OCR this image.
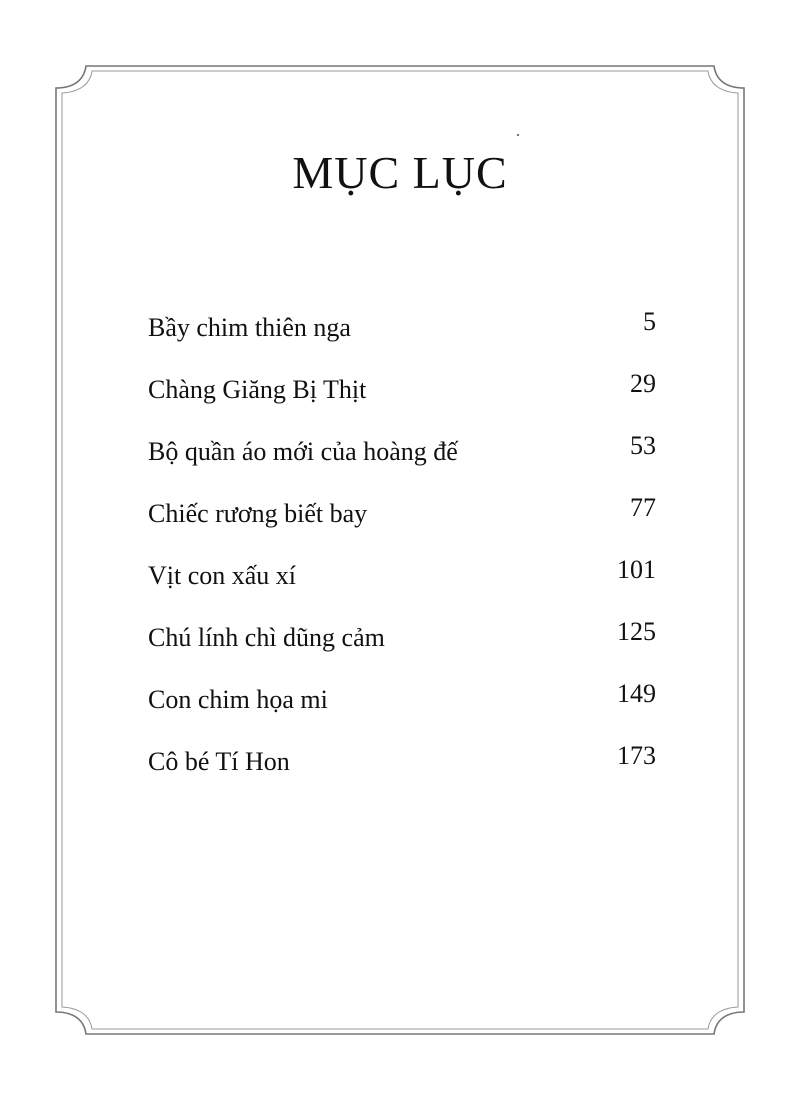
MỤC LỤC
Bầy chim thiên nga	5
Chàng Giăng Bị Thịt	29
Bộ quần áo mới của hoàng đế	53
Chiếc rương biết bay	77
Vịt con xấu xí	101
Chú lính chì dũng cảm	125
Con chim họa mi	149
Cô bé Tí Hon	173
